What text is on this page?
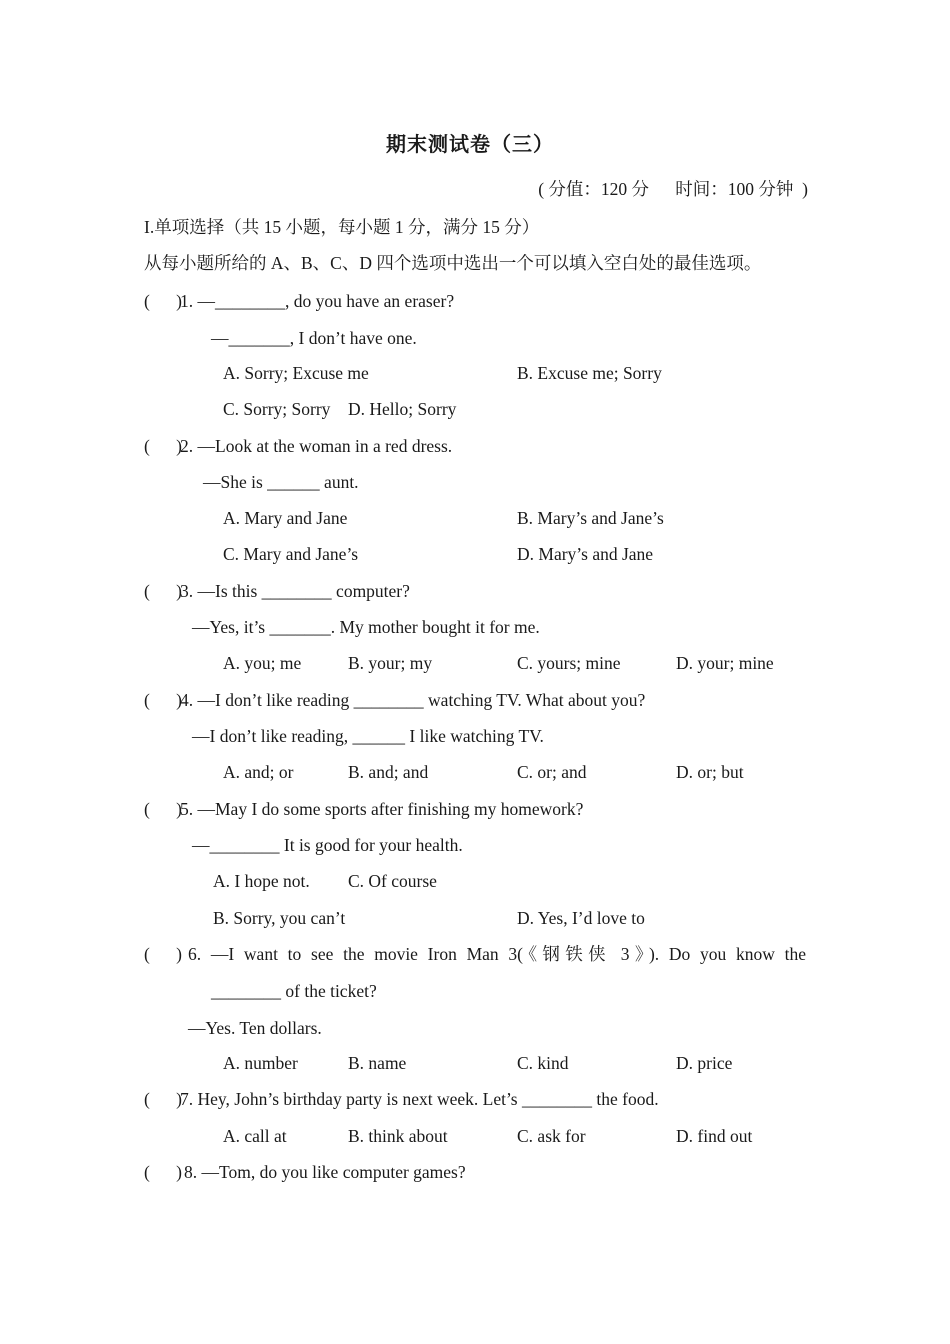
期末测试卷（三）
( 分值：120 分      时间：100 分钟  )
I.单项选择（共 15 小题，每小题 1 分，满分 15 分）
从每小题所给的 A、B、C、D 四个选项中选出一个可以填入空白处的最佳选项。
(      )
1. —________, do you have an eraser?
—_______, I don’t have one.
A. Sorry; Excuse me	B. Excuse me; Sorry
C. Sorry; Sorry D. Hello; Sorry
(      )
2. —Look at the woman in a red dress.
—She is ______ aunt.
A. Mary and Jane	B. Mary’s and Jane’s
C. Mary and Jane’s	D. Mary’s and Jane
(      )
3. —Is this ________ computer?
—Yes, it’s _______. My mother bought it for me.
A. you; me	B. your; my	C. yours; mine	D. your; mine
(      )
4. —I don’t like reading ________ watching TV. What about you?
—I don’t like reading, ______ I like watching TV.
A. and; or	B. and; and	C. or; and	D. or; but
(      )
5. —May I do some sports after finishing my homework?
—________ It is good for your health.
A. I hope not. C. Of course
B. Sorry, you can’t	D. Yes, I’d love to
(      ) 6. —I want to see the movie Iron Man 3(《钢铁侠 3》). Do you know the
________ of the ticket?
—Yes. Ten dollars.
A. number	B. name	C. kind	D. price
(      )
7. Hey, John’s birthday party is next week. Let’s ________ the food.
A. call at	B. think about	C. ask for	D. find out
(      ) 8. —Tom, do you like computer games?
